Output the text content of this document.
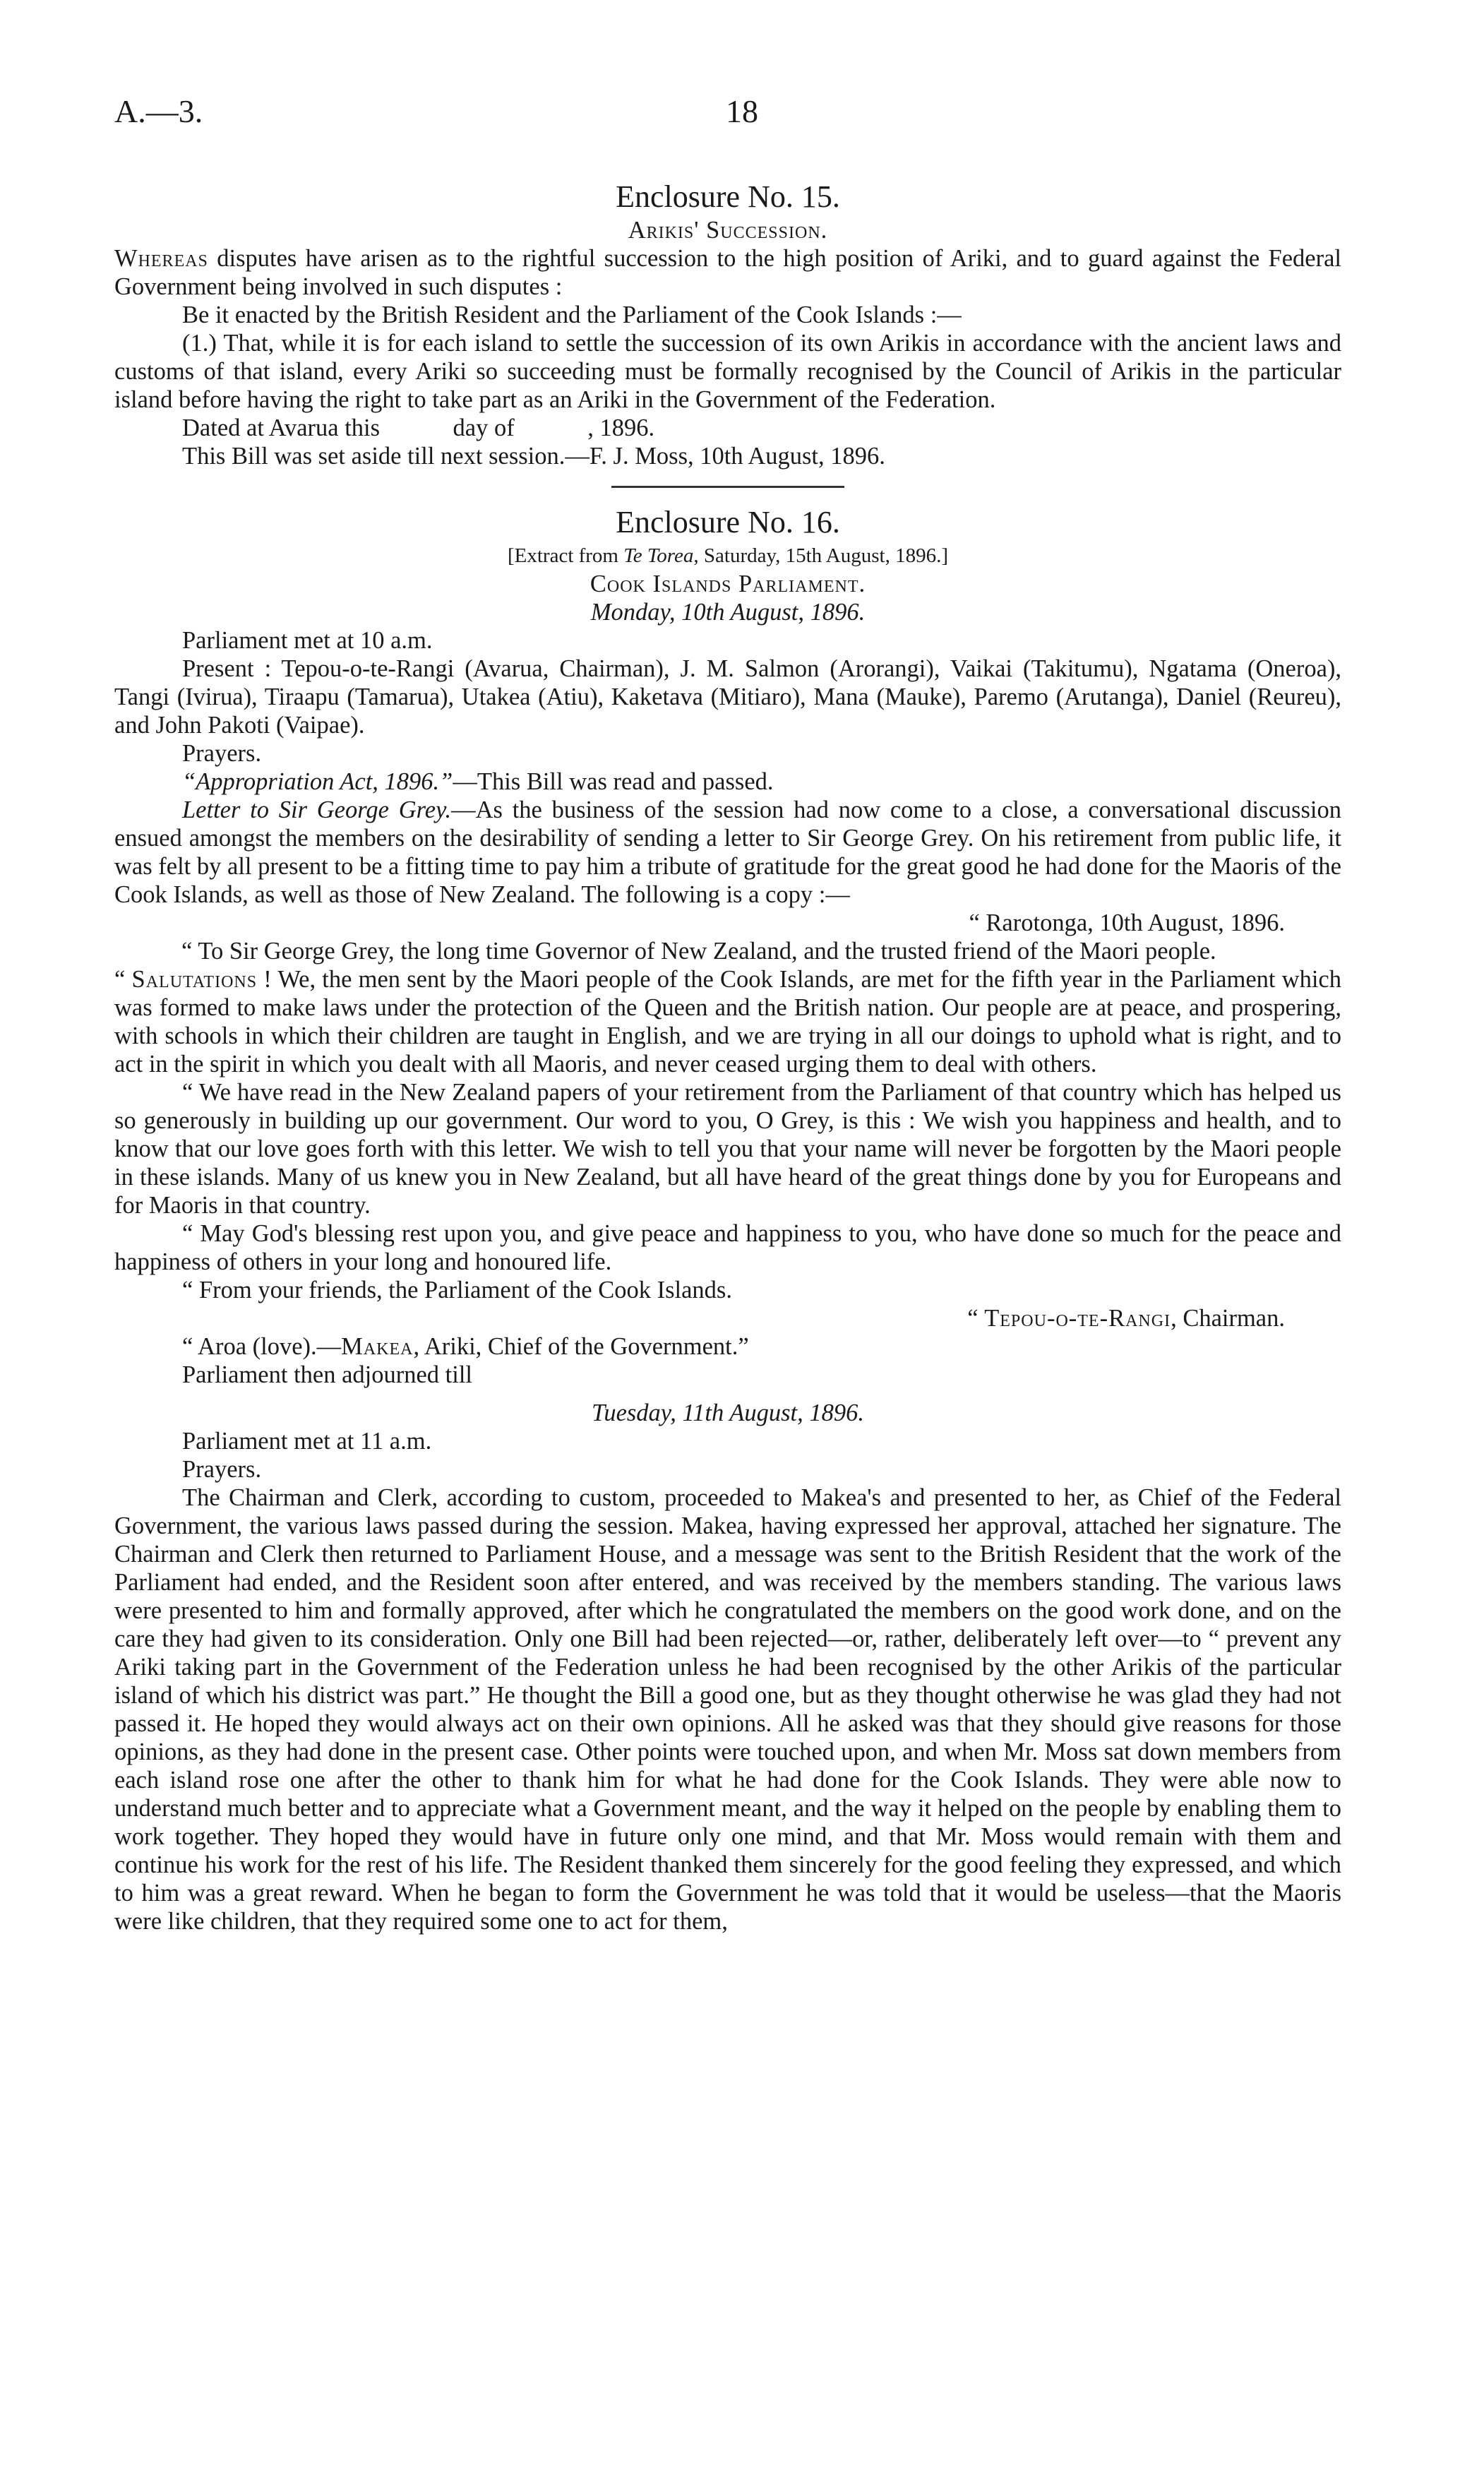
A.—3.	18

Enclosure No. 15.

Arikis' Succession.

Whereas disputes have arisen as to the rightful succession to the high position of Ariki, and to guard against the Federal Government being involved in such disputes :

Be it enacted by the British Resident and the Parliament of the Cook Islands :—

(1.) That, while it is for each island to settle the succession of its own Arikis in accordance with the ancient laws and customs of that island, every Ariki so succeeding must be formally recognised by the Council of Arikis in the particular island before having the right to take part as an Ariki in the Government of the Federation.

Dated at Avarua this            day of            , 1896.

This Bill was set aside till next session.—F. J. Moss, 10th August, 1896.

Enclosure No. 16.

[Extract from Te Torea, Saturday, 15th August, 1896.]

Cook Islands Parliament.

Monday, 10th August, 1896.

Parliament met at 10 a.m.

Present : Tepou-o-te-Rangi (Avarua, Chairman), J. M. Salmon (Arorangi), Vaikai (Takitumu), Ngatama (Oneroa), Tangi (Ivirua), Tiraapu (Tamarua), Utakea (Atiu), Kaketava (Mitiaro), Mana (Mauke), Paremo (Arutanga), Daniel (Reureu), and John Pakoti (Vaipae).

Prayers.

“Appropriation Act, 1896.”—This Bill was read and passed.

Letter to Sir George Grey.—As the business of the session had now come to a close, a conversational discussion ensued amongst the members on the desirability of sending a letter to Sir George Grey. On his retirement from public life, it was felt by all present to be a fitting time to pay him a tribute of gratitude for the great good he had done for the Maoris of the Cook Islands, as well as those of New Zealand. The following is a copy :—

“ Rarotonga, 10th August, 1896.

“ To Sir George Grey, the long time Governor of New Zealand, and the trusted friend of the Maori people.

“ Salutations ! We, the men sent by the Maori people of the Cook Islands, are met for the fifth year in the Parliament which was formed to make laws under the protection of the Queen and the British nation. Our people are at peace, and prospering, with schools in which their children are taught in English, and we are trying in all our doings to uphold what is right, and to act in the spirit in which you dealt with all Maoris, and never ceased urging them to deal with others.

“ We have read in the New Zealand papers of your retirement from the Parliament of that country which has helped us so generously in building up our government. Our word to you, O Grey, is this : We wish you happiness and health, and to know that our love goes forth with this letter. We wish to tell you that your name will never be forgotten by the Maori people in these islands. Many of us knew you in New Zealand, but all have heard of the great things done by you for Europeans and for Maoris in that country.

“ May God's blessing rest upon you, and give peace and happiness to you, who have done so much for the peace and happiness of others in your long and honoured life.

“ From your friends, the Parliament of the Cook Islands.

“ Tepou-o-te-Rangi, Chairman.

“ Aroa (love).—Makea, Ariki, Chief of the Government.”

Parliament then adjourned till

Tuesday, 11th August, 1896.

Parliament met at 11 a.m.

Prayers.

The Chairman and Clerk, according to custom, proceeded to Makea's and presented to her, as Chief of the Federal Government, the various laws passed during the session. Makea, having expressed her approval, attached her signature. The Chairman and Clerk then returned to Parliament House, and a message was sent to the British Resident that the work of the Parliament had ended, and the Resident soon after entered, and was received by the members standing. The various laws were presented to him and formally approved, after which he congratulated the members on the good work done, and on the care they had given to its consideration. Only one Bill had been rejected—or, rather, deliberately left over—to “ prevent any Ariki taking part in the Government of the Federation unless he had been recognised by the other Arikis of the particular island of which his district was part.” He thought the Bill a good one, but as they thought otherwise he was glad they had not passed it. He hoped they would always act on their own opinions. All he asked was that they should give reasons for those opinions, as they had done in the present case. Other points were touched upon, and when Mr. Moss sat down members from each island rose one after the other to thank him for what he had done for the Cook Islands. They were able now to understand much better and to appreciate what a Government meant, and the way it helped on the people by enabling them to work together. They hoped they would have in future only one mind, and that Mr. Moss would remain with them and continue his work for the rest of his life. The Resident thanked them sincerely for the good feeling they expressed, and which to him was a great reward. When he began to form the Government he was told that it would be useless—that the Maoris were like children, that they required some one to act for them,
